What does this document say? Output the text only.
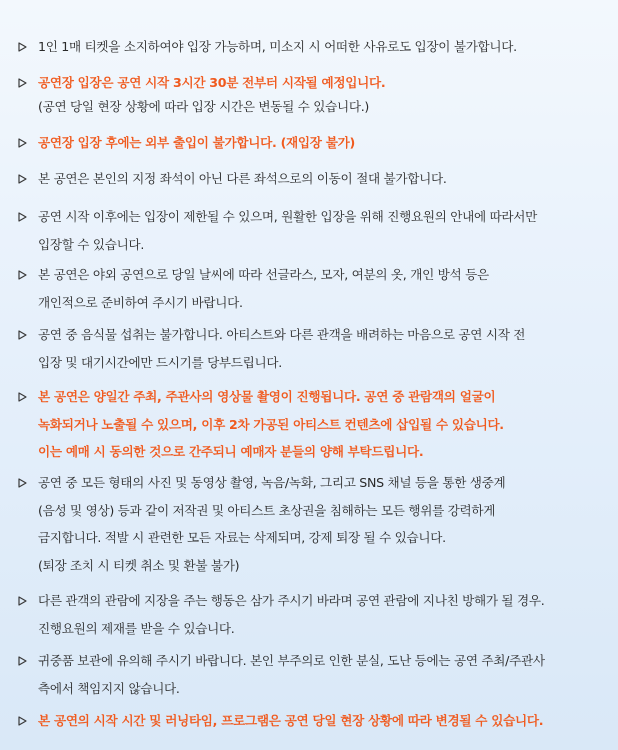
1인 1매 티켓을 소지하여야 입장 가능하며, 미소지 시 어떠한 사유로도 입장이 불가합니다.
공연장 입장은 공연 시작 3시간 30분 전부터 시작될 예정입니다.
(공연 당일 현장 상황에 따라 입장 시간은 변동될 수 있습니다.)
공연장 입장 후에는 외부 출입이 불가합니다. (재입장 불가)
본 공연은 본인의 지정 좌석이 아닌 다른 좌석으로의 이동이 절대 불가합니다.
공연 시작 이후에는 입장이 제한될 수 있으며, 원활한 입장을 위해 진행요원의 안내에 따라서만
입장할 수 있습니다.
본 공연은 야외 공연으로 당일 날씨에 따라 선글라스, 모자, 여분의 옷, 개인 방석 등은
개인적으로 준비하여 주시기 바랍니다.
공연 중 음식물 섭취는 불가합니다. 아티스트와 다른 관객을 배려하는 마음으로 공연 시작 전
입장 및 대기시간에만 드시기를 당부드립니다.
본 공연은 양일간 주최, 주관사의 영상물 촬영이 진행됩니다. 공연 중 관람객의 얼굴이
녹화되거나 노출될 수 있으며, 이후 2차 가공된 아티스트 컨텐츠에 삽입될 수 있습니다.
이는 예매 시 동의한 것으로 간주되니 예매자 분들의 양해 부탁드립니다.
공연 중 모든 형태의 사진 및 동영상 촬영, 녹음/녹화, 그리고 SNS 채널 등을 통한 생중계
(음성 및 영상) 등과 같이 저작권 및 아티스트 초상권을 침해하는 모든 행위를 강력하게
금지합니다. 적발 시 관련한 모든 자료는 삭제되며, 강제 퇴장 될 수 있습니다.
(퇴장 조치 시 티켓 취소 및 환불 불가)
다른 관객의 관람에 지장을 주는 행동은 삼가 주시기 바라며 공연 관람에 지나친 방해가 될 경우.
진행요원의 제재를 받을 수 있습니다.
귀중품 보관에 유의해 주시기 바랍니다. 본인 부주의로 인한 분실, 도난 등에는 공연 주최/주관사
측에서 책임지지 않습니다.
본 공연의 시작 시간 및 러닝타임, 프로그램은 공연 당일 현장 상황에 따라 변경될 수 있습니다.
